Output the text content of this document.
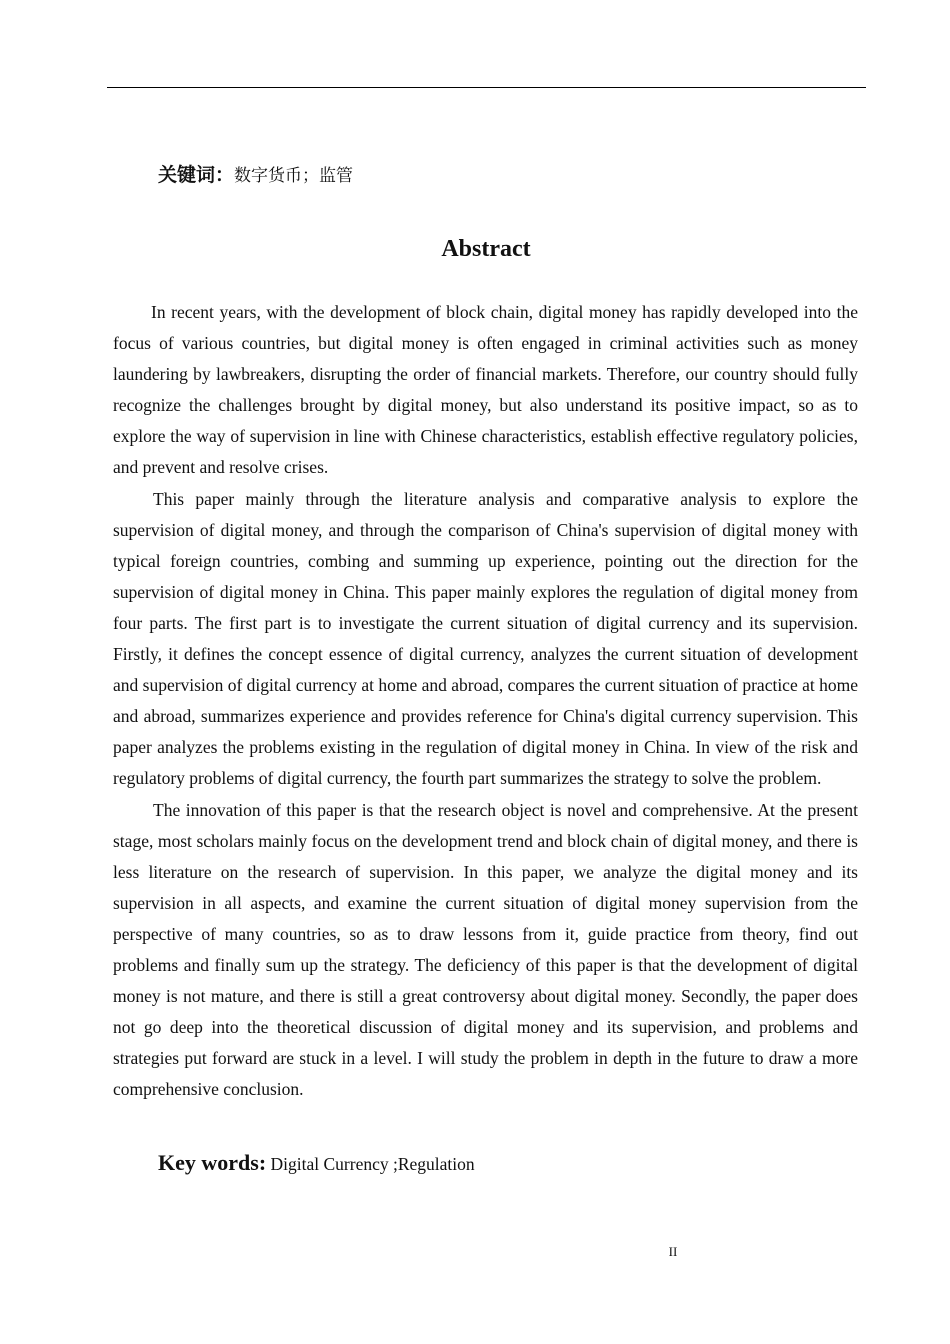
关键词：数字货币；监管
Abstract

In recent years, with the development of block chain, digital money has rapidly developed into the focus of various countries, but digital money is often engaged in criminal activities such as money laundering by lawbreakers, disrupting the order of financial markets. Therefore, our country should fully recognize the challenges brought by digital money, but also understand its positive impact, so as to explore the way of supervision in line with Chinese characteristics, establish effective regulatory policies, and prevent and resolve crises.

This paper mainly through the literature analysis and comparative analysis to explore the supervision of digital money, and through the comparison of China's supervision of digital money with typical foreign countries, combing and summing up experience, pointing out the direction for the supervision of digital money in China. This paper mainly explores the regulation of digital money from four parts. The first part is to investigate the current situation of digital currency and its supervision. Firstly, it defines the concept essence of digital currency, analyzes the current situation of development and supervision of digital currency at home and abroad, compares the current situation of practice at home and abroad, summarizes experience and provides reference for China's digital currency supervision. This paper analyzes the problems existing in the regulation of digital money in China. In view of the risk and regulatory problems of digital currency, the fourth part summarizes the strategy to solve the problem.

The innovation of this paper is that the research object is novel and comprehensive. At the present stage, most scholars mainly focus on the development trend and block chain of digital money, and there is less literature on the research of supervision. In this paper, we analyze the digital money and its supervision in all aspects, and examine the current situation of digital money supervision from the perspective of many countries, so as to draw lessons from it, guide practice from theory, find out problems and finally sum up the strategy. The deficiency of this paper is that the development of digital money is not mature, and there is still a great controversy about digital money. Secondly, the paper does not go deep into the theoretical discussion of digital money and its supervision, and problems and strategies put forward are stuck in a level. I will study the problem in depth in the future to draw a more comprehensive conclusion.

Key words: Digital Currency ;Regulation
II
